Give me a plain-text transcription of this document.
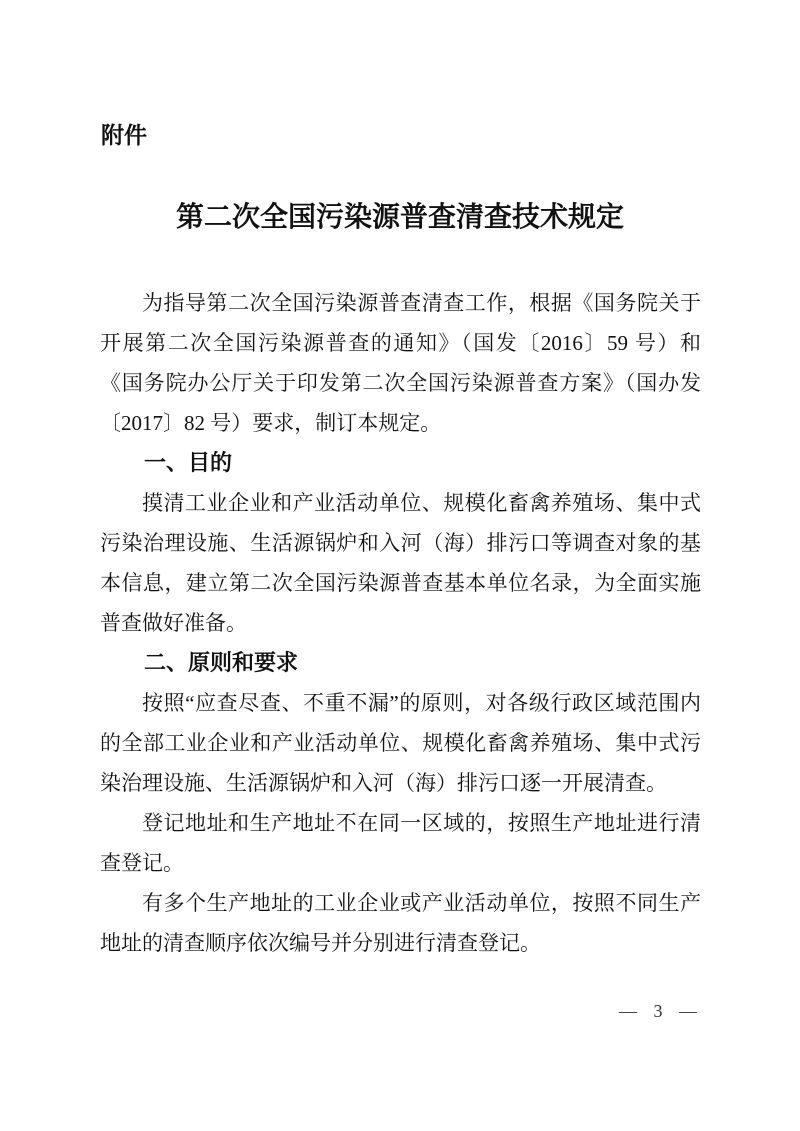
附件
第二次全国污染源普查清查技术规定

为指导第二次全国污染源普查清查工作，根据《国务院关于开展第二次全国污染源普查的通知》（国发〔2016〕59 号）和《国务院办公厅关于印发第二次全国污染源普查方案》（国办发〔2017〕82 号）要求，制订本规定。

一、目的

摸清工业企业和产业活动单位、规模化畜禽养殖场、集中式污染治理设施、生活源锅炉和入河（海）排污口等调查对象的基本信息，建立第二次全国污染源普查基本单位名录，为全面实施普查做好准备。

二、原则和要求

按照“应查尽查、不重不漏”的原则，对各级行政区域范围内的全部工业企业和产业活动单位、规模化畜禽养殖场、集中式污染治理设施、生活源锅炉和入河（海）排污口逐一开展清查。

登记地址和生产地址不在同一区域的，按照生产地址进行清查登记。

有多个生产地址的工业企业或产业活动单位，按照不同生产地址的清查顺序依次编号并分别进行清查登记。

— 3 —
